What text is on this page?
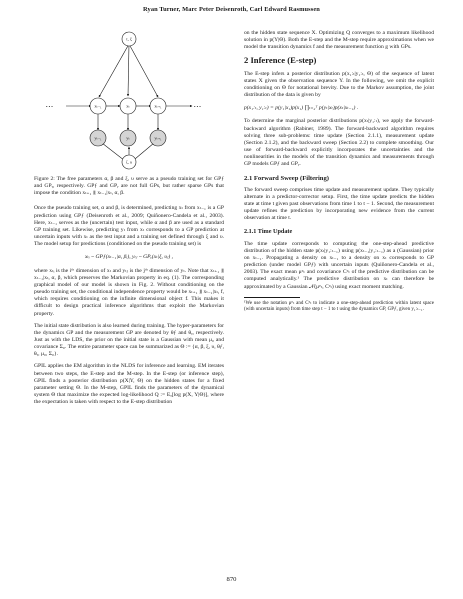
Ryan Turner, Marc Peter Deisenroth, Carl Edward Rasmussen
τ, ξ
• • •	• • •
xₜ₋₁	xₜ	xₜ₊₁
yₜ₋₁	yₜ	yₜ₊₁
ζ, υ

Figure 2: The free parameters α, β and ξ, υ serve as a pseudo training set for GPƒ and GPᵧ, respectively. GPƒ and GPᵧ are not full GPs, but rather sparse GPs that impose the condition xₜ₊₁ ⫫ xₜ₋₁|xₜ, α, β.

Once the pseudo training set, α and β, is determined, predicting xₜ from xₜ₋₁ is a GP prediction using GPƒ (Deisenroth et al., 2009; Quiñonero-Candela et al., 2003). Here, xₜ₋₁ serves as the (uncertain) test input, while α and β are used as a standard GP training set. Likewise, predicting yₜ from xₜ corresponds to a GP prediction at uncertain inputs with xₜ as the test input and a training set defined through ξ and υ. The model setup for predictions (conditioned on the pseudo training set) is

xₜᵢ ~ GPƒ(xₜ₋₁|α, βᵢ), yₜⱼ ~ GPᵧ(xₜ|ξ, υⱼ) ,

where xₜᵢ is the iᵗʰ dimension of xₜ and yₜⱼ is the jᵗʰ dimension of yₜ. Note that xₜ₊₁ ⫫ xₜ₋₁|xₜ, α, β, which preserves the Markovian property in eq. (1). The corresponding graphical model of our model is shown in Fig. 2. Without conditioning on the pseudo training set, the conditional independence property would be xₜ₊₁ ⫫ xₜ₋₁|xₜ, f, which requires conditioning on the infinite dimensional object f. This makes it difficult to design practical inference algorithms that exploit the Markovian property.

The initial state distribution is also learned during training. The hyper-parameters for the dynamics GP and the measurement GP are denoted by θƒ and θᵧ, respectively. Just as with the LDS, the prior on the initial state is a Gaussian with mean μ₀ and covariance Σ₀. The entire parameter space can be summarized as Θ := {α, β, ξ, υ, θƒ, θᵧ, μ₀, Σ₀}.

GPIL applies the EM algorithm in the NLDS for inference and learning. EM iterates between two steps, the E-step and the M-step. In the E-step (or inference step), GPIL finds a posterior distribution p(X|Y, Θ) on the hidden states for a fixed parameter setting Θ. In the M-step, GPIL finds the parameters of the dynamical system Θ that maximize the expected log-likelihood Q := Eₓ[log p(X, Y|Θ)], where the expectation is taken with respect to the E-step distribution

on the hidden state sequence X. Optimizing Q converges to a maximum likelihood solution in p(Y|Θ). Both the E-step and the M-step require approximations when we model the transition dynamics f and the measurement function g with GPs.

2 Inference (E-step)

The E-step infers a posterior distribution p(x₁:ₜ|y₁:ₜ, Θ) of the sequence of latent states X given the observation sequence Y. In the following, we omit the explicit conditioning on Θ for notational brevity. Due to the Markov assumption, the joint distribution of the data is given by

p(x₁:ₜ, y₁:ₜ) = p(y₁|x₁)p(x₁) ∏ₜ₌₂ᵀ p(yₜ|xₜ)p(xₜ|xₜ₋₁) .

To determine the marginal posterior distributions p(xₜ|y₁:ₜ), we apply the forward-backward algorithm (Rabiner, 1989). The forward-backward algorithm requires solving three sub-problems: time update (Section 2.1.1), measurement update (Section 2.1.2), and the backward sweep (Section 2.2) to complete smoothing. Our use of forward-backward explicitly incorporates the uncertainties and the nonlinearities in the models of the transition dynamics and measurements through GP models GPƒ and GPᵧ.

2.1 Forward Sweep (Filtering)

The forward sweep comprises time update and measurement update. They typically alternate in a predictor-corrector setup. First, the time update predicts the hidden state at time t given past observations from time 1 to t − 1. Second, the measurement update refines the prediction by incorporating new evidence from the current observation at time t.

2.1.1 Time Update

The time update corresponds to computing the one-step-ahead predictive distribution of the hidden state p(xₜ|y₁:ₜ₋₁) using p(xₜ₋₁|y₁:ₜ₋₁) as a (Gaussian) prior on xₜ₋₁. Propagating a density on xₜ₋₁ to a density on xₜ corresponds to GP prediction (under model GPƒ) with uncertain inputs (Quiñonero-Candela et al., 2003). The exact mean μᵖₜ and covariance Cᵖₜ of the predictive distribution can be computed analytically.¹ The predictive distribution on xₜ can therefore be approximated by a Gaussian 𝒩(μᵖₜ, Cᵖₜ) using exact moment matching.

¹We use the notation μᵖₜ and Cᵖₜ to indicate a one-step-ahead prediction within latent space (with uncertain inputs) from time step t − 1 to t using the dynamics GP, GPƒ, given y₁:ₜ₋₁.
870
